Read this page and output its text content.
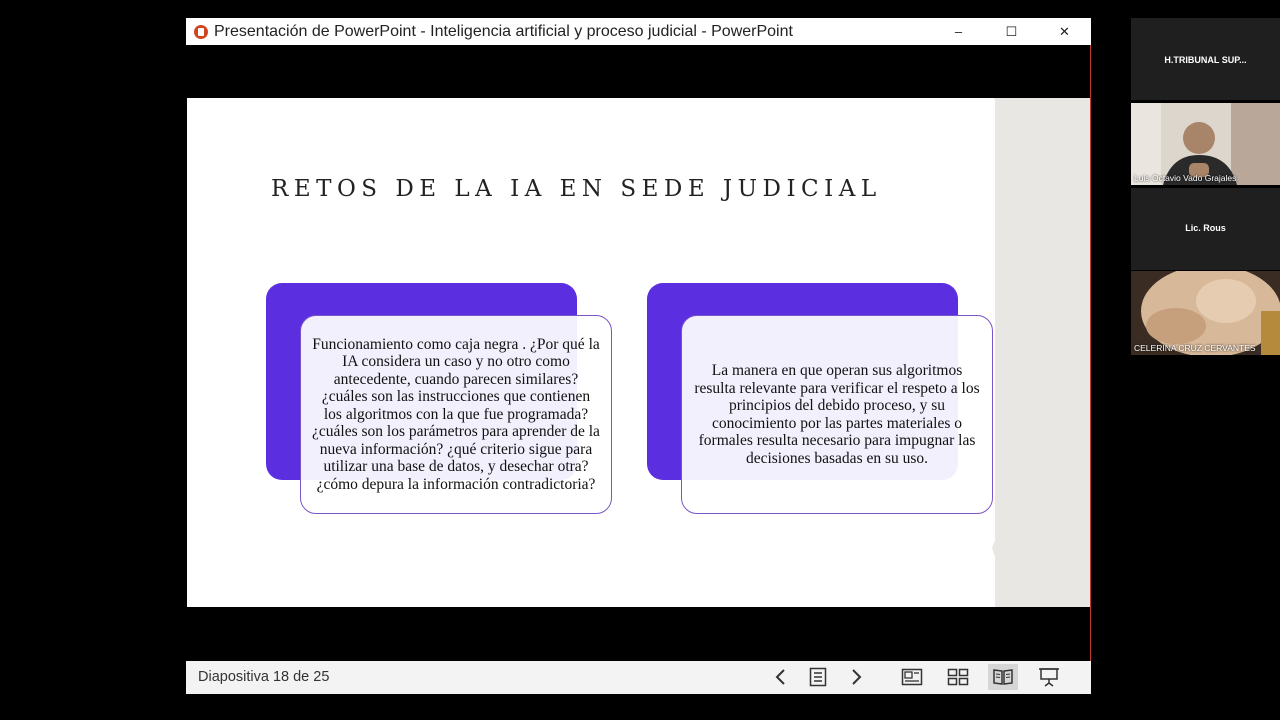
Presentación de PowerPoint - Inteligencia artificial y proceso judicial - PowerPoint	–	☐	✕
RETOS DE LA IA EN SEDE JUDICIAL

Funcionamiento como caja negra . ¿Por qué la IA considera un caso y no otro como antecedente, cuando parecen similares? ¿cuáles son las instrucciones que contienen los algoritmos con la que fue programada? ¿cuáles son los parámetros para aprender de la nueva información? ¿qué criterio sigue para utilizar una base de datos, y desechar otra? ¿cómo depura la información contradictoria?

La manera en que operan sus algoritmos resulta relevante para verificar el respeto a los principios del debido proceso, y su conocimiento por las partes materiales o formales resulta necesario para impugnar las decisiones basadas en su uso.

Diapositiva 18 de 25
H.TRIBUNAL SUP...
Luis Octavio Vado Grajales
Lic. Rous
CELERINA CRUZ CERVANTES
